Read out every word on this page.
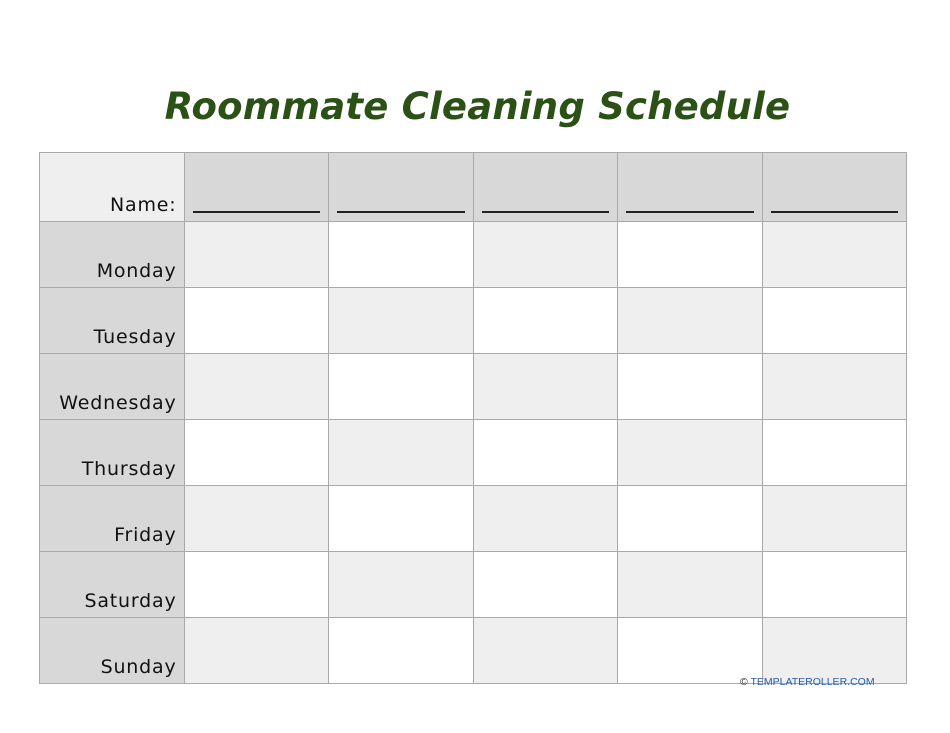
Roommate Cleaning Schedule
Name:	

Monday					
Tuesday					
Wednesday					
Thursday					
Friday					
Saturday					
Sunday					
© TEMPLATEROLLER.COM
